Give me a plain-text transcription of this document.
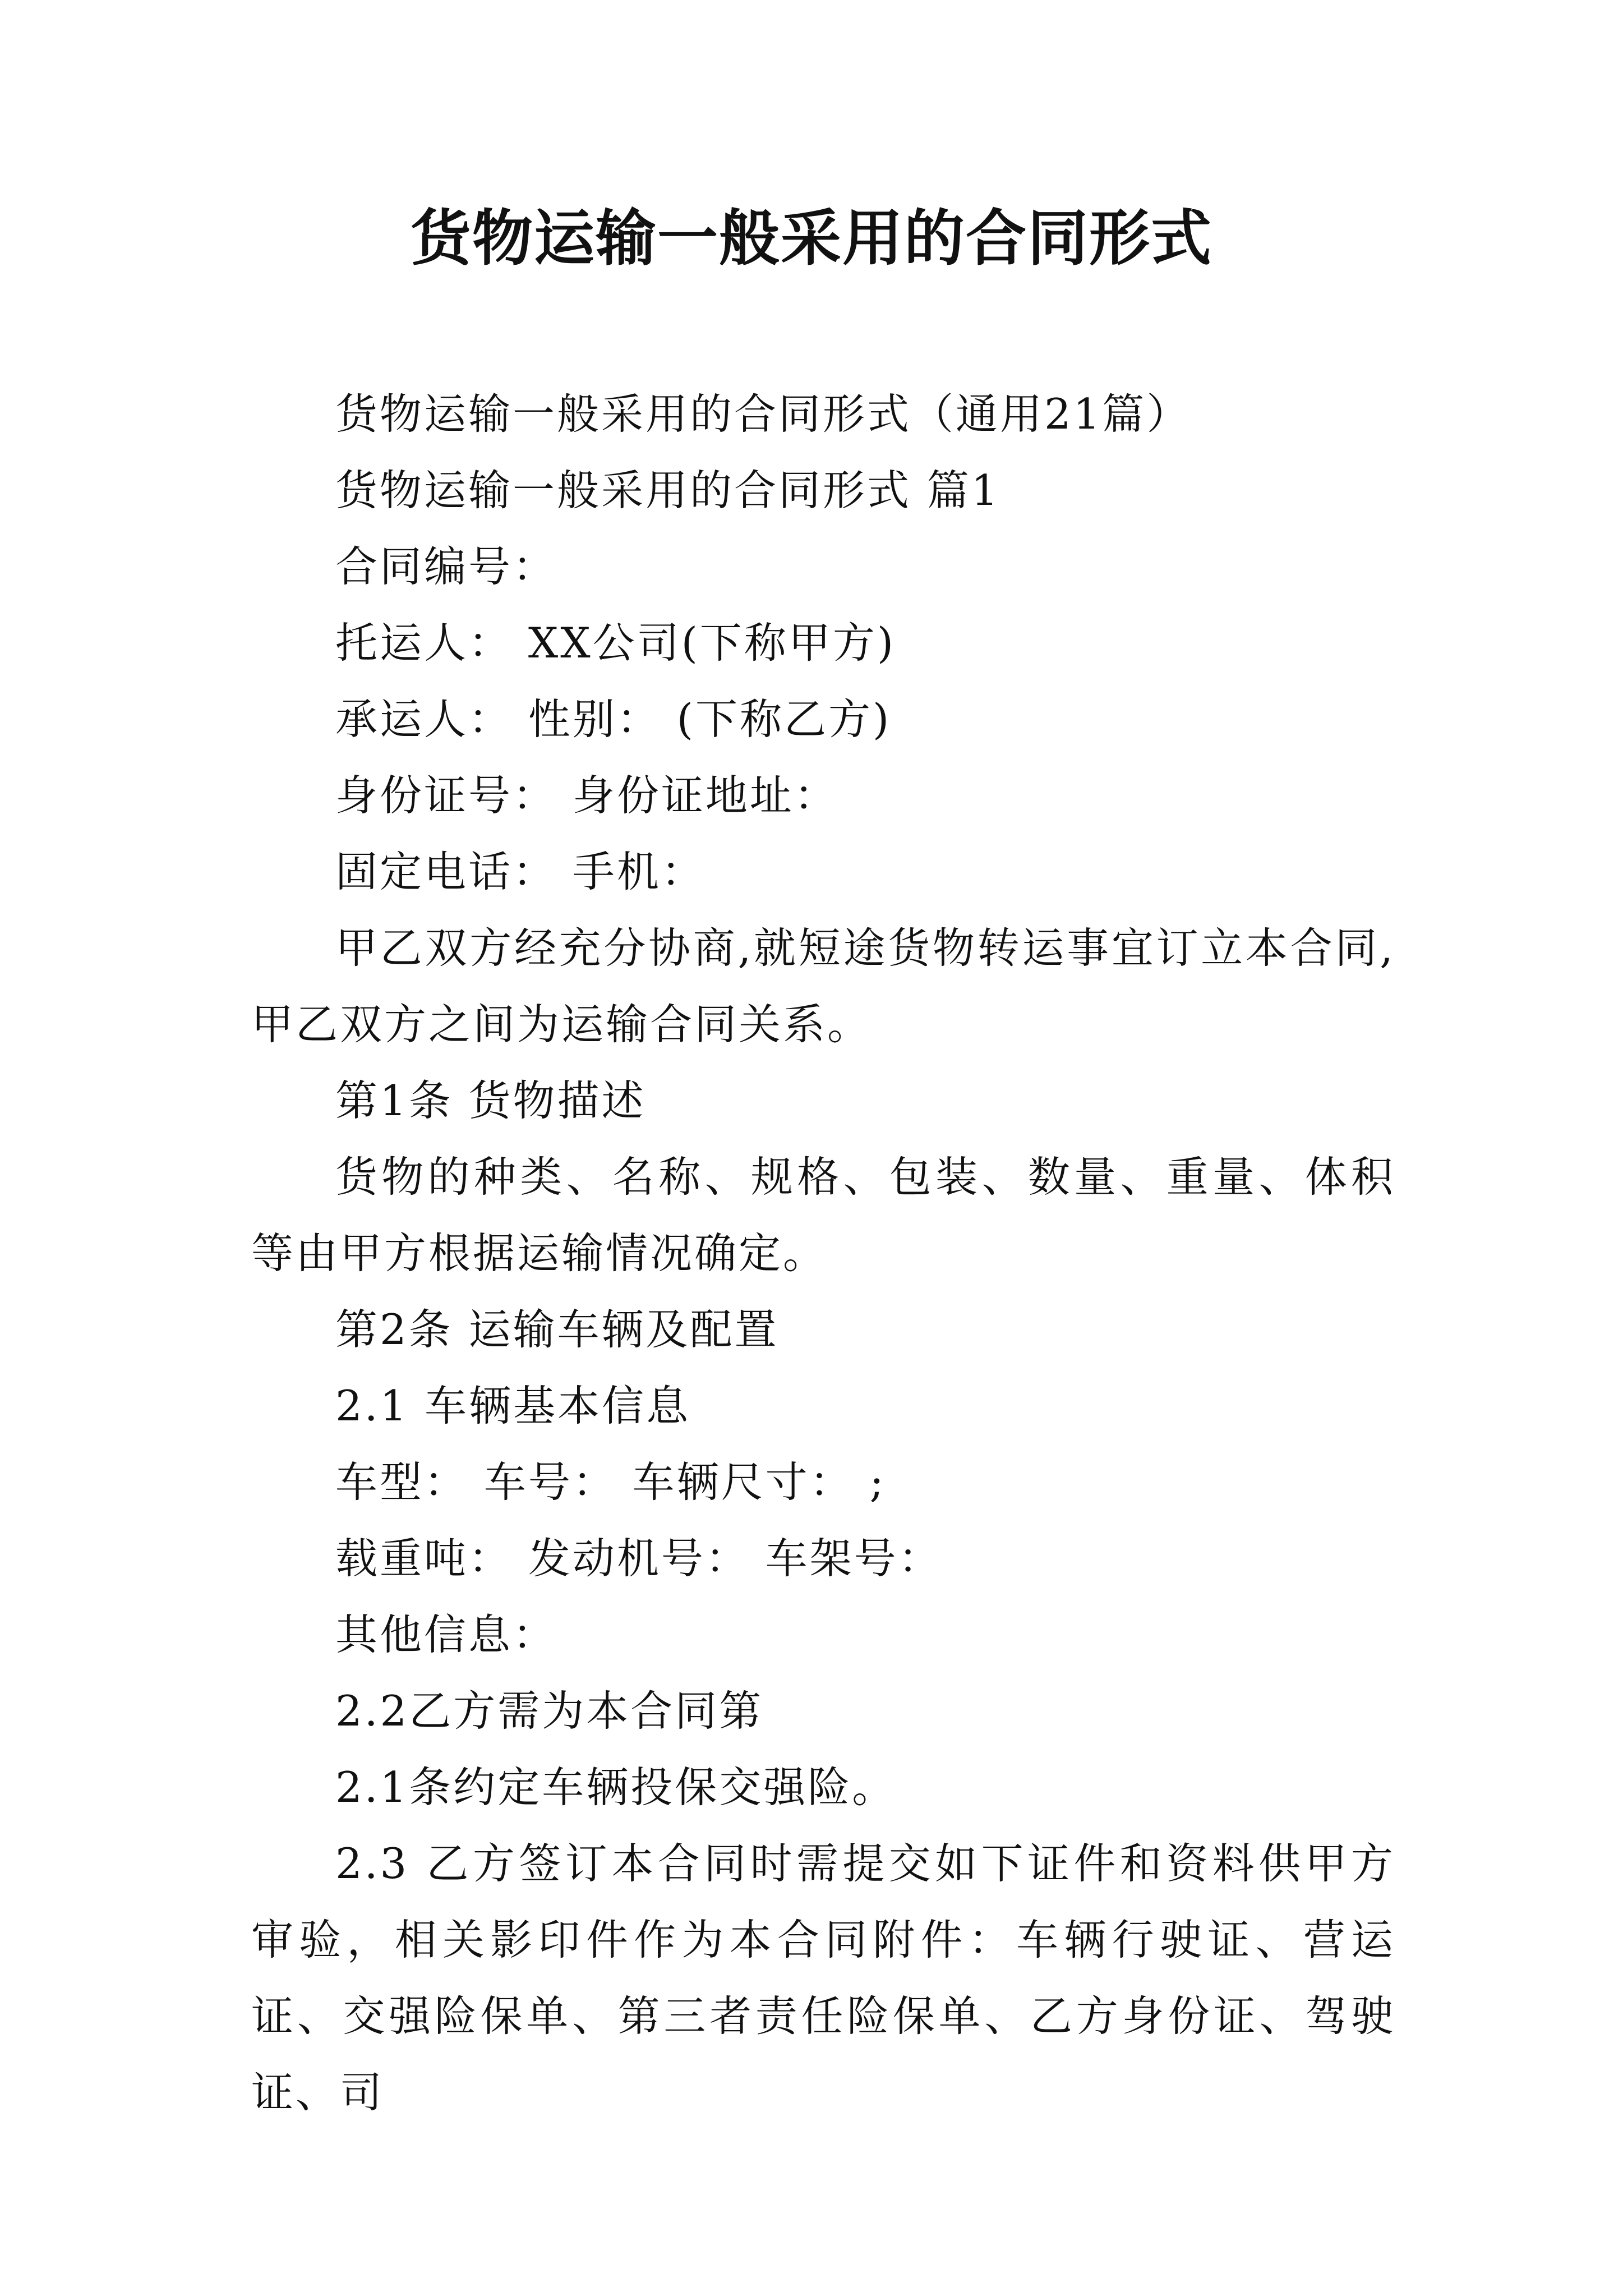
货物运输一般采用的合同形式

货物运输一般采用的合同形式（通用21篇）

货物运输一般采用的合同形式 篇1

合同编号：

托运人： XX公司(下称甲方)

承运人： 性别： (下称乙方)

身份证号： 身份证地址：

固定电话： 手机：

甲乙双方经充分协商,就短途货物转运事宜订立本合同,甲乙双方之间为运输合同关系。

第1条 货物描述

货物的种类、名称、规格、包装、数量、重量、体积等由甲方根据运输情况确定。

第2条 运输车辆及配置

2.1 车辆基本信息

车型： 车号： 车辆尺寸： ;

载重吨： 发动机号： 车架号：

其他信息：

2.2乙方需为本合同第

2.1条约定车辆投保交强险。

2.3 乙方签订本合同时需提交如下证件和资料供甲方审验，相关影印件作为本合同附件：车辆行驶证、营运证、交强险保单、第三者责任险保单、乙方身份证、驾驶证、司
